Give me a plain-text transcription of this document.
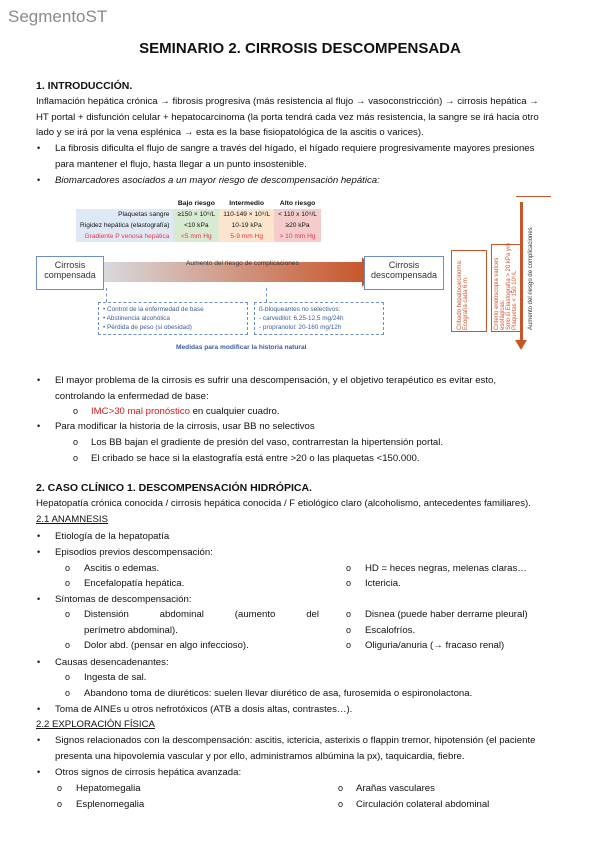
SegmentoST
SEMINARIO 2. CIRROSIS DESCOMPENSADA
1. INTRODUCCIÓN.
Inflamación hepática crónica → fibrosis progresiva (más resistencia al flujo → vasoconstricción) → cirrosis hepática →
HT portal + disfunción celular + hepatocarcinoma (la porta tendrá cada vez más resistencia, la sangre se irá hacia otro
lado y se irá por la vena esplénica → esta es la base fisiopatológica de la ascitis o varices).
• La fibrosis dificulta el flujo de sangre a través del hígado, el hígado requiere progresivamente mayores presiones
para mantener el flujo, hasta llegar a un punto insostenible.
• Biomarcadores asociados a un mayor riesgo de descompensación hepática:
	Bajo riesgo	Intermedio	Alto riesgo
Plaquetas sangre	≥150 × 10⁹/L	110-149 × 10⁹/L	< 110 x 10⁹/L
Rigidez hepática (elastografía)	<10 kPa	10-19 kPa	≥20 kPa
Gradiente P venosa hepática	<5 mm Hg	5-9 mm Hg	> 10 mm Hg
Aumento del riesgo de complicaciones
Cirrosis
compensada
Cirrosis
descompensada
• Control de la enfermedad de base
• Abstinencia alcohólica
• Pérdida de peso (si obesidad)
ß-bloqueantes no selectivos:
- carvedilol: 6,25-12,5 mg/24h
- propranolol: 20-160 mg/12h
Medidas para modificar la historia natural
Cribado hepatocarcinoma: Ecografía cada 6 m.	Criterio endoscopia varices esofágicas: Solo si Elastografía > 20 kPa y/o Plaquetas < 150 10⁹/L Aumento del riesgo de complicaciones
• El mayor problema de la cirrosis es sufrir una descompensación, y el objetivo terapéutico es evitar esto,
controlando la enfermedad de base:
o IMC>30 mal pronóstico en cualquier cuadro.
• Para modificar la historia de la cirrosis, usar BB no selectivos
o Los BB bajan el gradiente de presión del vaso, contrarrestan la hipertensión portal.
o El cribado se hace si la elastografía está entre >20 o las plaquetas <150.000.
2. CASO CLÍNICO 1. DESCOMPENSACIÓN HIDRÓPICA.
Hepatopatía crónica conocida / cirrosis hepática conocida / F etiológico claro (alcoholismo, antecedentes familiares).
2.1 ANAMNESIS
• Etiología de la hepatopatía
• Episodios previos descompensación:
o Ascitis o edemas.
o Encefalopatía hepática.
o HD = heces negras, melenas claras…
o Ictericia.
• Síntomas de descompensación:
o Distensión	abdominal	(aumento	del
perímetro abdominal).
o Dolor abd. (pensar en algo infeccioso).
o Disnea (puede haber derrame pleural)
o Escalofríos.
o Oliguria/anuria (→ fracaso renal)
• Causas desencadenantes:
o Ingesta de sal.
o Abandono toma de diuréticos: suelen llevar diurético de asa, furosemida o espironolactona.
• Toma de AINEs u otros nefrotóxicos (ATB a dosis altas, contrastes…).
2.2 EXPLORACIÓN FÍSICA
• Signos relacionados con la descompensación: ascitis, ictericia, asterixis o flappin tremor, hipotensión (el paciente
presenta una hipovolemia vascular y por ello, administramos albúmina la px), taquicardia, fiebre.
• Otros signos de cirrosis hepática avanzada:
o Hepatomegalia
o Esplenomegalia
o Arañas vasculares
o Circulación colateral abdominal
